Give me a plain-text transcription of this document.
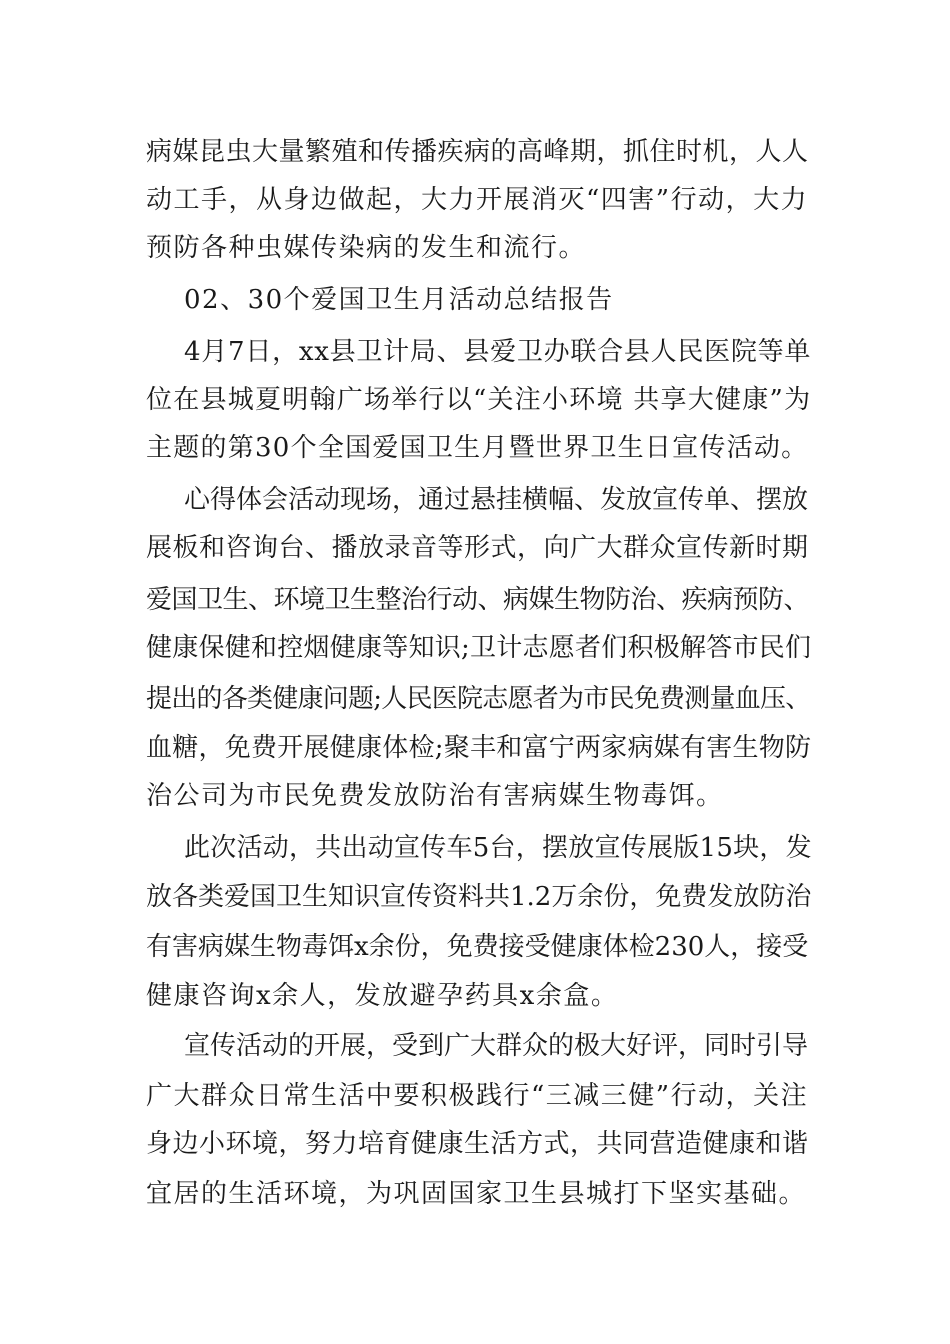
病媒昆虫大量繁殖和传播疾病的高峰期，抓住时机，人人

动工手，从身边做起，大力开展消灭“四害”行动，大力

预防各种虫媒传染病的发生和流行。

02、30个爱国卫生月活动总结报告

4月7日，xx县卫计局、县爱卫办联合县人民医院等单

位在县城夏明翰广场举行以“关注小环境 共享大健康”为

主题的第30个全国爱国卫生月暨世界卫生日宣传活动。

心得体会活动现场，通过悬挂横幅、发放宣传单、摆放

展板和咨询台、播放录音等形式，向广大群众宣传新时期

爱国卫生、环境卫生整治行动、病媒生物防治、疾病预防、

健康保健和控烟健康等知识;卫计志愿者们积极解答市民们

提出的各类健康问题;人民医院志愿者为市民免费测量血压、

血糖，免费开展健康体检;聚丰和富宁两家病媒有害生物防

治公司为市民免费发放防治有害病媒生物毒饵。

此次活动，共出动宣传车5台，摆放宣传展版15块，发

放各类爱国卫生知识宣传资料共1.2万余份，免费发放防治

有害病媒生物毒饵x余份，免费接受健康体检230人，接受

健康咨询x余人，发放避孕药具x余盒。

宣传活动的开展，受到广大群众的极大好评，同时引导

广大群众日常生活中要积极践行“三减三健”行动，关注

身边小环境，努力培育健康生活方式，共同营造健康和谐

宜居的生活环境，为巩固国家卫生县城打下坚实基础。
